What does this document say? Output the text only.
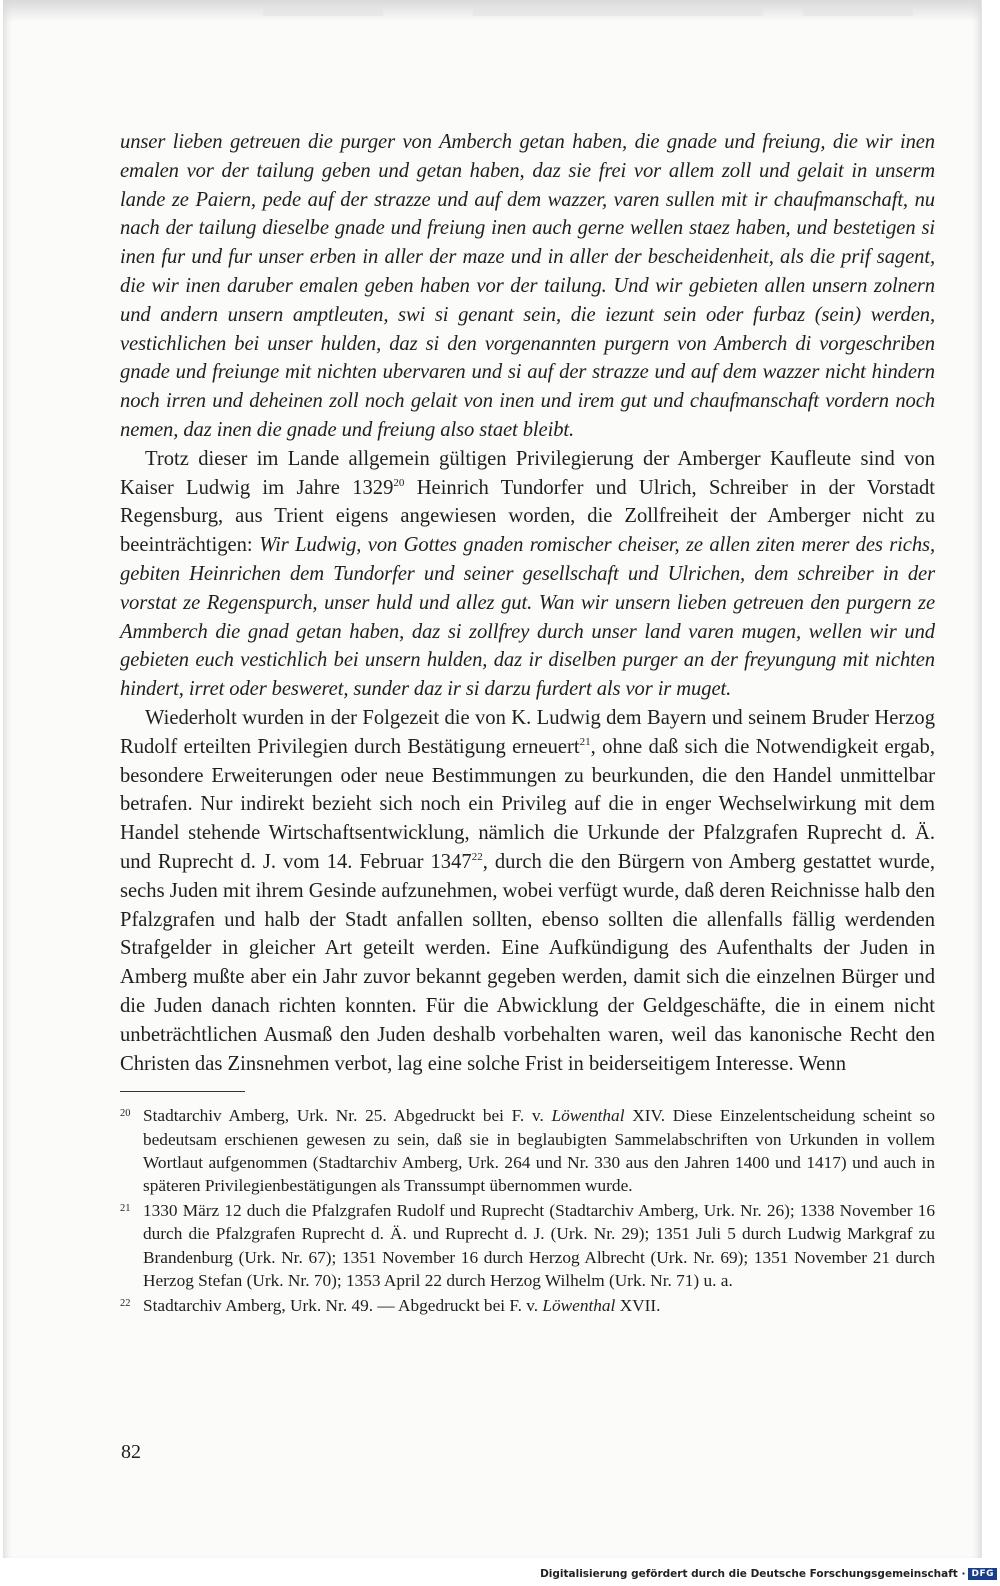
unser lieben getreuen die purger von Amberch getan haben, die gnade und freiung, die wir inen emalen vor der tailung geben und getan haben, daz sie frei vor allem zoll und gelait in unserm lande ze Paiern, pede auf der strazze und auf dem wazzer, varen sullen mit ir chaufmanschaft, nu nach der tailung dieselbe gnade und freiung inen auch gerne wellen staez haben, und bestetigen si inen fur und fur unser erben in aller der maze und in aller der bescheidenheit, als die prif sagent, die wir inen daruber emalen geben haben vor der tailung. Und wir gebieten allen unsern zolnern und andern unsern amptleuten, swi si genant sein, die iezunt sein oder furbaz (sein) werden, vestichlichen bei unser hulden, daz si den vorgenannten purgern von Amberch di vorgeschriben gnade und freiunge mit nichten ubervaren und si auf der strazze und auf dem wazzer nicht hindern noch irren und deheinen zoll noch gelait von inen und irem gut und chaufmanschaft vordern noch nemen, daz inen die gnade und freiung also staet bleibt.

Trotz dieser im Lande allgemein gültigen Privilegierung der Amberger Kaufleute sind von Kaiser Ludwig im Jahre 1329$^{20}$ Heinrich Tundorfer und Ulrich, Schreiber in der Vorstadt Regensburg, aus Trient eigens angewiesen worden, die Zollfreiheit der Amberger nicht zu beeinträchtigen: Wir Ludwig, von Gottes gnaden romischer cheiser, ze allen ziten merer des richs, gebiten Heinrichen dem Tundorfer und seiner gesellschaft und Ulrichen, dem schreiber in der vorstat ze Regenspurch, unser huld und allez gut. Wan wir unsern lieben getreuen den purgern ze Ammberch die gnad getan haben, daz si zollfrey durch unser land varen mugen, wellen wir und gebieten euch vestichlich bei unsern hulden, daz ir diselben purger an der freyungung mit nichten hindert, irret oder besweret, sunder daz ir si darzu furdert als vor ir muget.

Wiederholt wurden in der Folgezeit die von K. Ludwig dem Bayern und seinem Bruder Herzog Rudolf erteilten Privilegien durch Bestätigung erneuert$^{21}$, ohne daß sich die Notwendigkeit ergab, besondere Erweiterungen oder neue Bestimmungen zu beurkunden, die den Handel unmittelbar betrafen. Nur indirekt bezieht sich noch ein Privileg auf die in enger Wechselwirkung mit dem Handel stehende Wirtschaftsentwicklung, nämlich die Urkunde der Pfalzgrafen Ruprecht d. Ä. und Ruprecht d. J. vom 14. Februar 1347$^{22}$, durch die den Bürgern von Amberg gestattet wurde, sechs Juden mit ihrem Gesinde aufzunehmen, wobei verfügt wurde, daß deren Reichnisse halb den Pfalzgrafen und halb der Stadt anfallen sollten, ebenso sollten die allenfalls fällig werdenden Strafgelder in gleicher Art geteilt werden. Eine Aufkündigung des Aufenthalts der Juden in Amberg mußte aber ein Jahr zuvor bekannt gegeben werden, damit sich die einzelnen Bürger und die Juden danach richten konnten. Für die Abwicklung der Geldgeschäfte, die in einem nicht unbeträchtlichen Ausmaß den Juden deshalb vorbehalten waren, weil das kanonische Recht den Christen das Zinsnehmen verbot, lag eine solche Frist in beiderseitigem Interesse. Wenn

20 Stadtarchiv Amberg, Urk. Nr. 25. Abgedruckt bei F. v. Löwenthal XIV. Diese Einzelentscheidung scheint so bedeutsam erschienen gewesen zu sein, daß sie in beglaubigten Sammelabschriften von Urkunden in vollem Wortlaut aufgenommen (Stadtarchiv Amberg, Urk. 264 und Nr. 330 aus den Jahren 1400 und 1417) und auch in späteren Privilegienbestätigungen als Transsumpt übernommen wurde.

21 1330 März 12 duch die Pfalzgrafen Rudolf und Ruprecht (Stadtarchiv Amberg, Urk. Nr. 26); 1338 November 16 durch die Pfalzgrafen Ruprecht d. Ä. und Ruprecht d. J. (Urk. Nr. 29); 1351 Juli 5 durch Ludwig Markgraf zu Brandenburg (Urk. Nr. 67); 1351 November 16 durch Herzog Albrecht (Urk. Nr. 69); 1351 November 21 durch Herzog Stefan (Urk. Nr. 70); 1353 April 22 durch Herzog Wilhelm (Urk. Nr. 71) u. a.

22 Stadtarchiv Amberg, Urk. Nr. 49. — Abgedruckt bei F. v. Löwenthal XVII.

82
Digitalisierung gefördert durch die Deutsche Forschungsgemeinschaft · DFG
